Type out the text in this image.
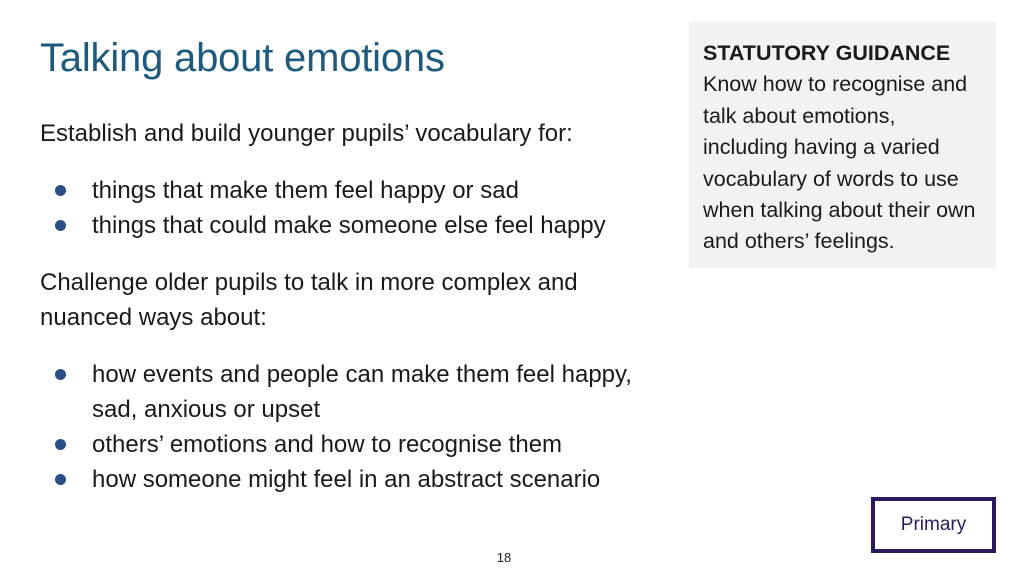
Talking about emotions

Establish and build younger pupils’ vocabulary for:

things that make them feel happy or sad
things that could make someone else feel happy

Challenge older pupils to talk in more complex and nuanced ways about:

how events and people can make them feel happy, sad, anxious or upset
others’ emotions and how to recognise them
how someone might feel in an abstract scenario
STATUTORY GUIDANCE
Know how to recognise and talk about emotions, including having a varied vocabulary of words to use when talking about their own and others’ feelings.
Primary
18
